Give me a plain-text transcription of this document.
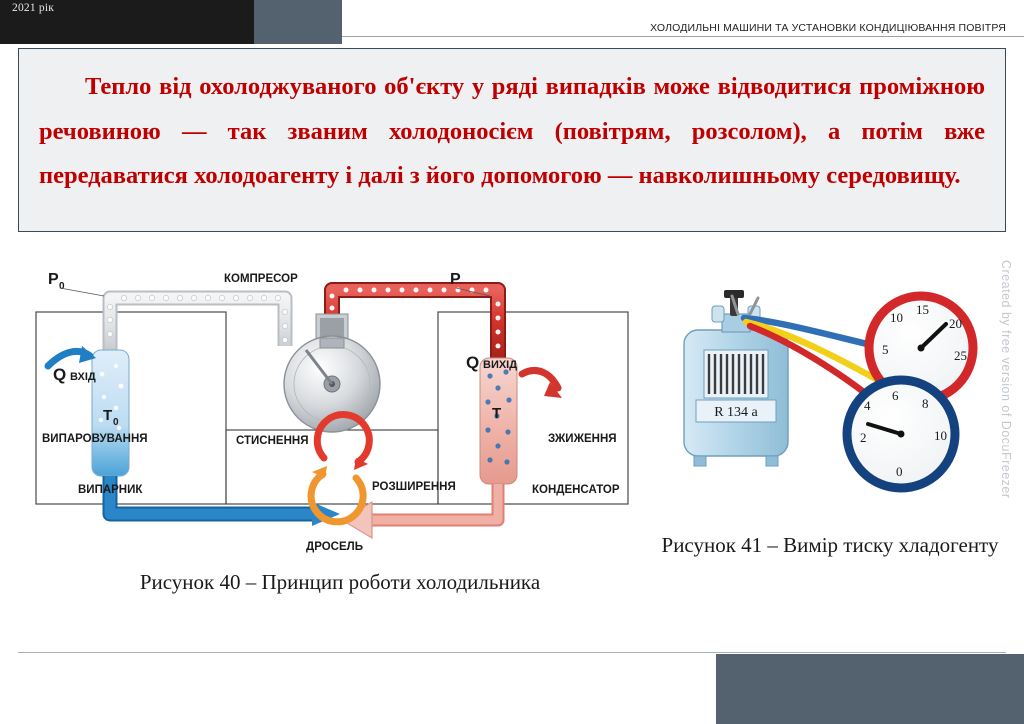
2021 рік
ХОЛОДИЛЬНІ МАШИНИ ТА УСТАНОВКИ КОНДИЦІЮВАННЯ ПОВІТРЯ
Created by free version of DocuFreezer

Тепло від охолоджуваного об'єкту у ряді випадків може відводитися проміжною речовиною — так званим холодоносієм (повітрям, розсолом), а потім вже передаватися холодоагенту і далі з його допомогою — навколишньому середовищу.

T 0
T
P 0	P
КОМПРЕСОР
Q ВХІД
Q ВИХІД
ВИПАРОВУВАННЯ
ВИПАРНИК
СТИСНЕННЯ
РОЗШИРЕННЯ
ЗЖИЖЕННЯ
КОНДЕНСАТОР
ДРОСЕЛЬ
R 134 a
10
15
20
25
5
4
6
8
10
2
0
Рисунок 40 – Принцип роботи холодильника
Рисунок 41 – Вимір тиску хладогенту
